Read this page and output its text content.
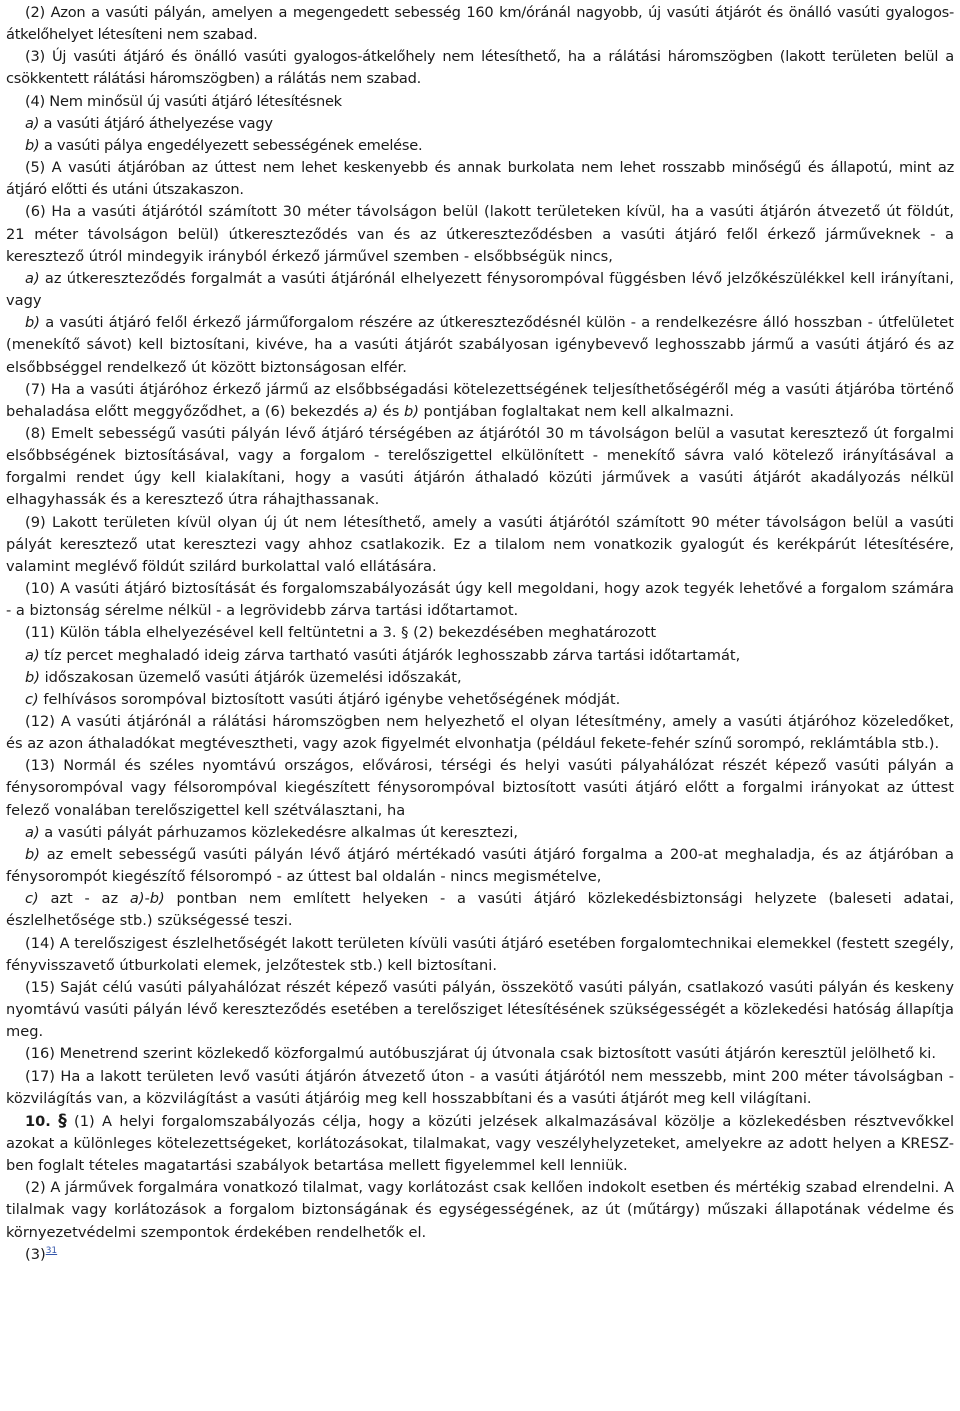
(2) Azon a vasúti pályán, amelyen a megengedett sebesség 160 km/óránál nagyobb, új vasúti átjárót és önálló vasúti gyalogos-átkelőhelyet létesíteni nem szabad.

(3) Új vasúti átjáró és önálló vasúti gyalogos-átkelőhely nem létesíthető, ha a rálátási háromszögben (lakott területen belül a csökkentett rálátási háromszögben) a rálátás nem szabad.

(4) Nem minősül új vasúti átjáró létesítésnek

a) a vasúti átjáró áthelyezése vagy

b) a vasúti pálya engedélyezett sebességének emelése.

(5) A vasúti átjáróban az úttest nem lehet keskenyebb és annak burkolata nem lehet rosszabb minőségű és állapotú, mint az átjáró előtti és utáni útszakaszon.

(6) Ha a vasúti átjárótól számított 30 méter távolságon belül (lakott területeken kívül, ha a vasúti átjárón átvezető út földút, 21 méter távolságon belül) útkereszteződés van és az útkereszteződésben a vasúti átjáró felől érkező járműveknek - a keresztező útról mindegyik irányból érkező járművel szemben - elsőbbségük nincs,

a) az útkereszteződés forgalmát a vasúti átjárónál elhelyezett fénysorompóval függésben lévő jelzőkészülékkel kell irányítani, vagy

b) a vasúti átjáró felől érkező járműforgalom részére az útkereszteződésnél külön - a rendelkezésre álló hosszban - útfelületet (menekítő sávot) kell biztosítani, kivéve, ha a vasúti átjárót szabályosan igénybevevő leghosszabb jármű a vasúti átjáró és az elsőbbséggel rendelkező út között biztonságosan elfér.

(7) Ha a vasúti átjáróhoz érkező jármű az elsőbbségadási kötelezettségének teljesíthetőségéről még a vasúti átjáróba történő behaladása előtt meggyőződhet, a (6) bekezdés a) és b) pontjában foglaltakat nem kell alkalmazni.

(8) Emelt sebességű vasúti pályán lévő átjáró térségében az átjárótól 30 m távolságon belül a vasutat keresztező út forgalmi elsőbbségének biztosításával, vagy a forgalom - terelőszigettel elkülönített - menekítő sávra való kötelező irányításával a forgalmi rendet úgy kell kialakítani, hogy a vasúti átjárón áthaladó közúti járművek a vasúti átjárót akadályozás nélkül elhagyhassák és a keresztező útra ráhajthassanak.

(9) Lakott területen kívül olyan új út nem létesíthető, amely a vasúti átjárótól számított 90 méter távolságon belül a vasúti pályát keresztező utat keresztezi vagy ahhoz csatlakozik. Ez a tilalom nem vonatkozik gyalogút és kerékpárút létesítésére, valamint meglévő földút szilárd burkolattal való ellátására.

(10) A vasúti átjáró biztosítását és forgalomszabályozását úgy kell megoldani, hogy azok tegyék lehetővé a forgalom számára - a biztonság sérelme nélkül - a legrövidebb zárva tartási időtartamot.

(11) Külön tábla elhelyezésével kell feltüntetni a 3. § (2) bekezdésében meghatározott

a) tíz percet meghaladó ideig zárva tartható vasúti átjárók leghosszabb zárva tartási időtartamát,

b) időszakosan üzemelő vasúti átjárók üzemelési időszakát,

c) felhívásos sorompóval biztosított vasúti átjáró igénybe vehetőségének módját.

(12) A vasúti átjárónál a rálátási háromszögben nem helyezhető el olyan létesítmény, amely a vasúti átjáróhoz közeledőket, és az azon áthaladókat megtévesztheti, vagy azok figyelmét elvonhatja (például fekete-fehér színű sorompó, reklámtábla stb.).

(13) Normál és széles nyomtávú országos, elővárosi, térségi és helyi vasúti pályahálózat részét képező vasúti pályán a fénysorompóval vagy félsorompóval kiegészített fénysorompóval biztosított vasúti átjáró előtt a forgalmi irányokat az úttest felező vonalában terelőszigettel kell szétválasztani, ha

a) a vasúti pályát párhuzamos közlekedésre alkalmas út keresztezi,

b) az emelt sebességű vasúti pályán lévő átjáró mértékadó vasúti átjáró forgalma a 200-at meghaladja, és az átjáróban a fénysorompót kiegészítő félsorompó - az úttest bal oldalán - nincs megismételve,

c) azt - az a)-b) pontban nem említett helyeken - a vasúti átjáró közlekedésbiztonsági helyzete (baleseti adatai, észlelhetősége stb.) szükségessé teszi.

(14) A terelőszigest észlelhetőségét lakott területen kívüli vasúti átjáró esetében forgalomtechnikai elemekkel (festett szegély, fényvisszavető útburkolati elemek, jelzőtestek stb.) kell biztosítani.

(15) Saját célú vasúti pályahálózat részét képező vasúti pályán, összekötő vasúti pályán, csatlakozó vasúti pályán és keskeny nyomtávú vasúti pályán lévő kereszteződés esetében a terelősziget létesítésének szükségességét a közlekedési hatóság állapítja meg.

(16) Menetrend szerint közlekedő közforgalmú autóbuszjárat új útvonala csak biztosított vasúti átjárón keresztül jelölhető ki.

(17) Ha a lakott területen levő vasúti átjárón átvezető úton - a vasúti átjárótól nem messzebb, mint 200 méter távolságban - közvilágítás van, a közvilágítást a vasúti átjáróig meg kell hosszabbítani és a vasúti átjárót meg kell világítani.

10. § (1) A helyi forgalomszabályozás célja, hogy a közúti jelzések alkalmazásával közölje a közlekedésben résztvevőkkel azokat a különleges kötelezettségeket, korlátozásokat, tilalmakat, vagy veszélyhelyzeteket, amelyekre az adott helyen a KRESZ-ben foglalt tételes magatartási szabályok betartása mellett figyelemmel kell lenniük.

(2) A járművek forgalmára vonatkozó tilalmat, vagy korlátozást csak kellően indokolt esetben és mértékig szabad elrendelni. A tilalmak vagy korlátozások a forgalom biztonságának és egységességének, az út (műtárgy) műszaki állapotának védelme és környezetvédelmi szempontok érdekében rendelhetők el.

(3)$^{31}$
